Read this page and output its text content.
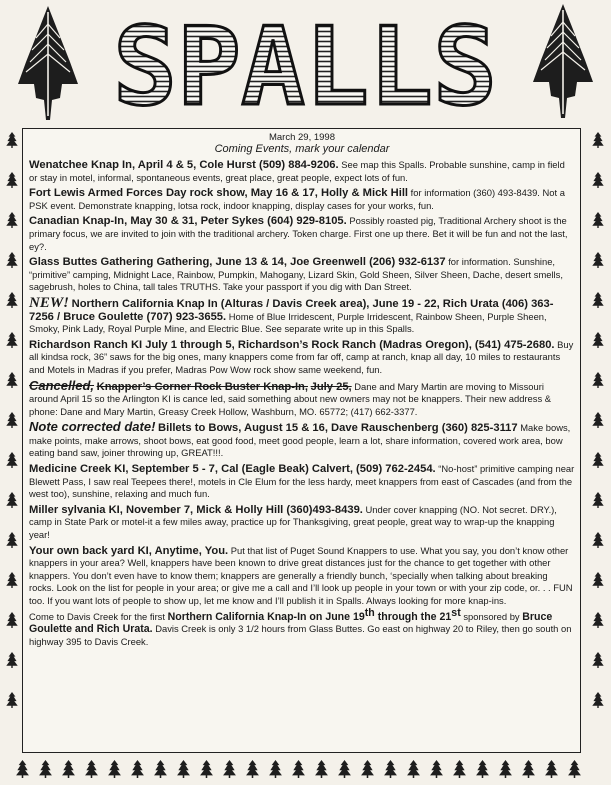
SPALLS
March 29, 1998
Coming Events, mark your calendar
Wenatchee Knap In, April 4 & 5, Cole Hurst (509) 884-9206. See map this Spalls. Probable sunshine, camp in field or stay in motel, informal, spontaneous events, great place, great people, expect lots of fun.
Fort Lewis Armed Forces Day rock show, May 16 & 17, Holly & Mick Hill for information (360) 493-8439. Not a PSK event. Demonstrate knapping, lotsa rock, indoor knapping, display cases for your works, fun.
Canadian Knap-In, May 30 & 31, Peter Sykes (604) 929-8105. Possibly roasted pig, Traditional Archery shoot is the primary focus, we are invited to join with the traditional archery. Token charge. First one up there. Bet it will be fun and not the last, ey?.
Glass Buttes Gathering Gathering, June 13 & 14, Joe Greenwell (206) 932-6137 for information. Sunshine, “primitive” camping, Midnight Lace, Rainbow, Pumpkin, Mahogany, Lizard Skin, Gold Sheen, Silver Sheen, Dache, desert smells, sagebrush, holes to China, tall tales TRUTHS. Take your passport if you dig with Dan Street.
NEW! Northern California Knap In (Alturas / Davis Creek area), June 19 - 22, Rich Urata (406) 363-7256 / Bruce Goulette (707) 923-3655. Home of Blue Irridescent, Purple Irridescent, Rainbow Sheen, Purple Sheen, Smoky, Pink Lady, Royal Purple Mine, and Electric Blue. See separate write up in this Spalls.
Richardson Ranch KI July 1 through 5, Richardson’s Rock Ranch (Madras Oregon), (541) 475-2680. Buy all kindsa rock, 36” saws for the big ones, many knappers come from far off, camp at ranch, knap all day, 10 miles to restaurants and Motels in Madras if you prefer, Madras Pow Wow rock show same weekend, fun.
Cancelled, Knapper’s Corner Rock Buster Knap-In, July 25, Dane and Mary Martin are moving to Missouri around April 15 so the Arlington KI is cance led, said something about new owners may not be knappers. Their new address & phone: Dane and Mary Martin, Greasy Creek Hollow, Washburn, MO. 65772; (417) 662-3377.
Note corrected date! Billets to Bows, August 15 & 16, Dave Rauschenberg (360) 825-3117 Make bows, make points, make arrows, shoot bows, eat good food, meet good people, learn a lot, share information, covered work area, bow eating band saw, joiner throwing up, GREAT!!!.
Medicine Creek KI, September 5 - 7, Cal (Eagle Beak) Calvert, (509) 762-2454. “No-host” primitive camping near Blewett Pass, I saw real Teepees there!, motels in Cle Elum for the less hardy, meet knappers from east of Cascades (and from the west too), sunshine, relaxing and much fun.
Miller sylvania KI, November 7, Mick & Holly Hill (360)493-8439. Under cover knapping (NO. Not secret. DRY.), camp in State Park or motel-it a few miles away, practice up for Thanksgiving, great people, great way to wrap-up the knapping year!
Your own back yard KI, Anytime, You. Put that list of Puget Sound Knappers to use. What you say, you don’t know other knappers in your area? Well, knappers have been known to drive great distances just for the chance to get together with other knappers. You don’t even have to know them; knappers are generally a friendly bunch, ‘specially when talking about breaking rocks. Look on the list for people in your area; or give me a call and I’ll look up people in your town or with your zip code, or. . . FUN too. If you want lots of people to show up, let me know and I’ll publish it in Spalls. Always looking for more knap-ins.
Come to Davis Creek for the first Northern California Knap-In on June 19th through the 21st sponsored by Bruce Goulette and Rich Urata. Davis Creek is only 3 1/2 hours from Glass Buttes. Go east on highway 20 to Riley, then go south on highway 395 to Davis Creek.
